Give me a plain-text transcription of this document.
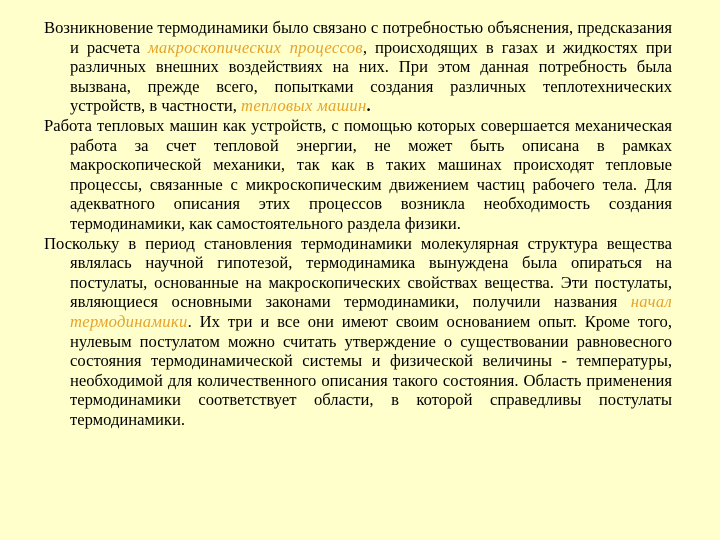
Возникновение термодинамики было связано с потребностью объяснения, предсказания и расчета макроскопических процессов, происходящих в газах и жидкостях при различных внешних воздействиях на них. При этом данная потребность была вызвана, прежде всего, попытками создания различных теплотехнических устройств, в частности, тепловых машин.

Работа тепловых машин как устройств, с помощью которых совершается механическая работа за счет тепловой энергии, не может быть описана в рамках макроскопической механики, так как в таких машинах происходят тепловые процессы, связанные с микроскопическим движением частиц рабочего тела. Для адекватного описания этих процессов возникла необходимость создания термодинамики, как самостоятельного раздела физики.

Поскольку в период становления термодинамики молекулярная структура вещества являлась научной гипотезой, термодинамика вынуждена была опираться на постулаты, основанные на макроскопических свойствах вещества. Эти постулаты, являющиеся основными законами термодинамики, получили названия начал термодинамики. Их три и все они имеют своим основанием опыт. Кроме того, нулевым постулатом можно считать утверждение о существовании равновесного состояния термодинамической системы и физической величины - температуры, необходимой для количественного описания такого состояния. Область применения термодинамики соответствует области, в которой справедливы постулаты термодинамики.
